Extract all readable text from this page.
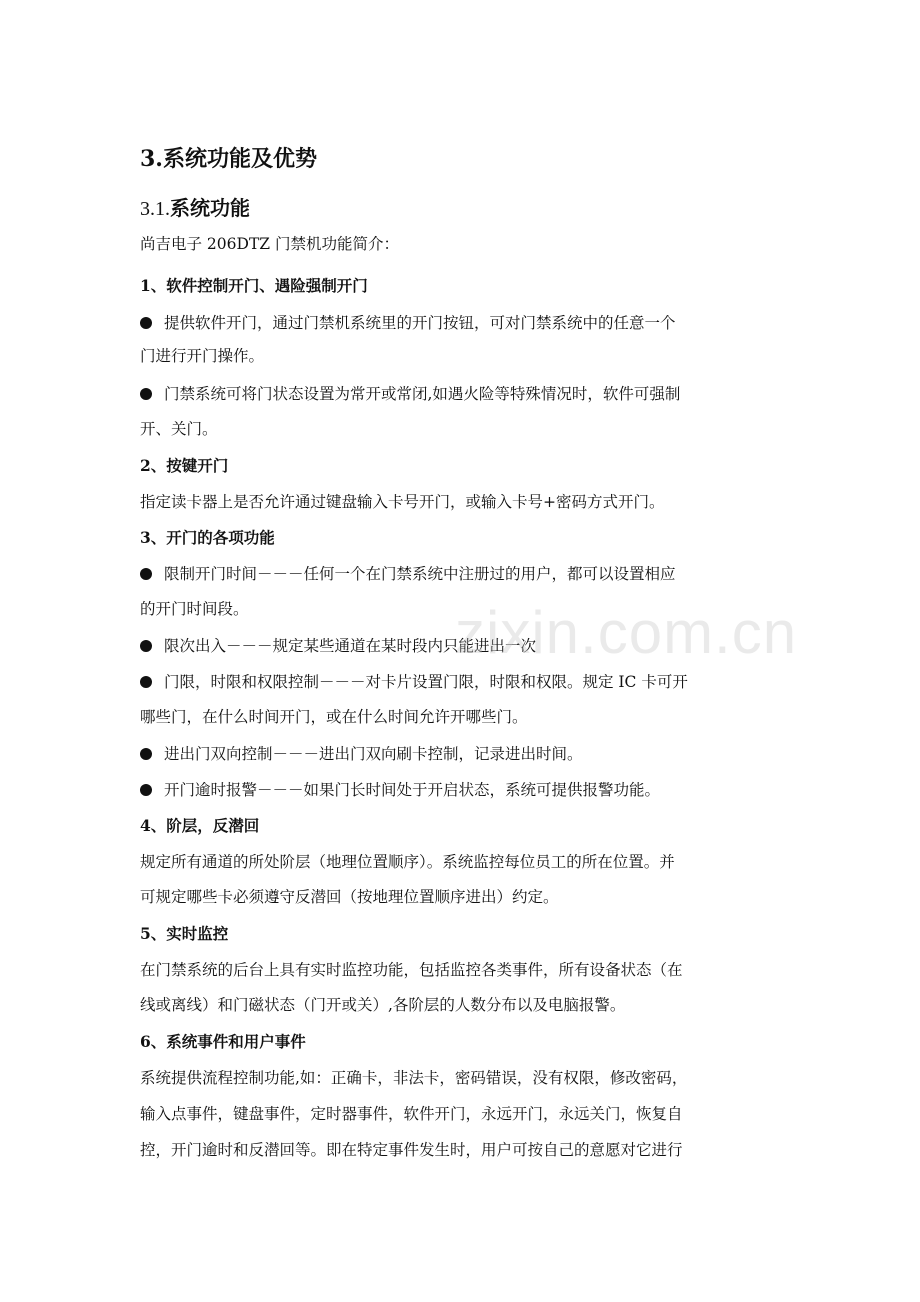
3.系统功能及优势
3.1.系统功能
尚吉电子 206DTZ 门禁机功能简介：
1、软件控制开门、遇险强制开门
提供软件开门，通过门禁机系统里的开门按钮，可对门禁系统中的任意一个
门进行开门操作。
门禁系统可将门状态设置为常开或常闭,如遇火险等特殊情况时，软件可强制
开、关门。
2、按键开门
指定读卡器上是否允许通过键盘输入卡号开门，或输入卡号+密码方式开门。
3、开门的各项功能
限制开门时间－－－任何一个在门禁系统中注册过的用户，都可以设置相应
的开门时间段。
限次出入－－－规定某些通道在某时段内只能进出一次
门限，时限和权限控制－－－对卡片设置门限，时限和权限。规定 IC 卡可开
哪些门，在什么时间开门，或在什么时间允许开哪些门。
进出门双向控制－－－进出门双向刷卡控制，记录进出时间。
开门逾时报警－－－如果门长时间处于开启状态，系统可提供报警功能。
4、阶层，反潜回
规定所有通道的所处阶层（地理位置顺序）。系统监控每位员工的所在位置。并
可规定哪些卡必须遵守反潜回（按地理位置顺序进出）约定。
5、实时监控
在门禁系统的后台上具有实时监控功能，包括监控各类事件，所有设备状态（在
线或离线）和门磁状态（门开或关）,各阶层的人数分布以及电脑报警。
6、系统事件和用户事件
系统提供流程控制功能,如：正确卡，非法卡，密码错误，没有权限，修改密码，
输入点事件，键盘事件，定时器事件，软件开门，永远开门，永远关门，恢复自
控，开门逾时和反潜回等。即在特定事件发生时，用户可按自己的意愿对它进行
zixin.com.cn
